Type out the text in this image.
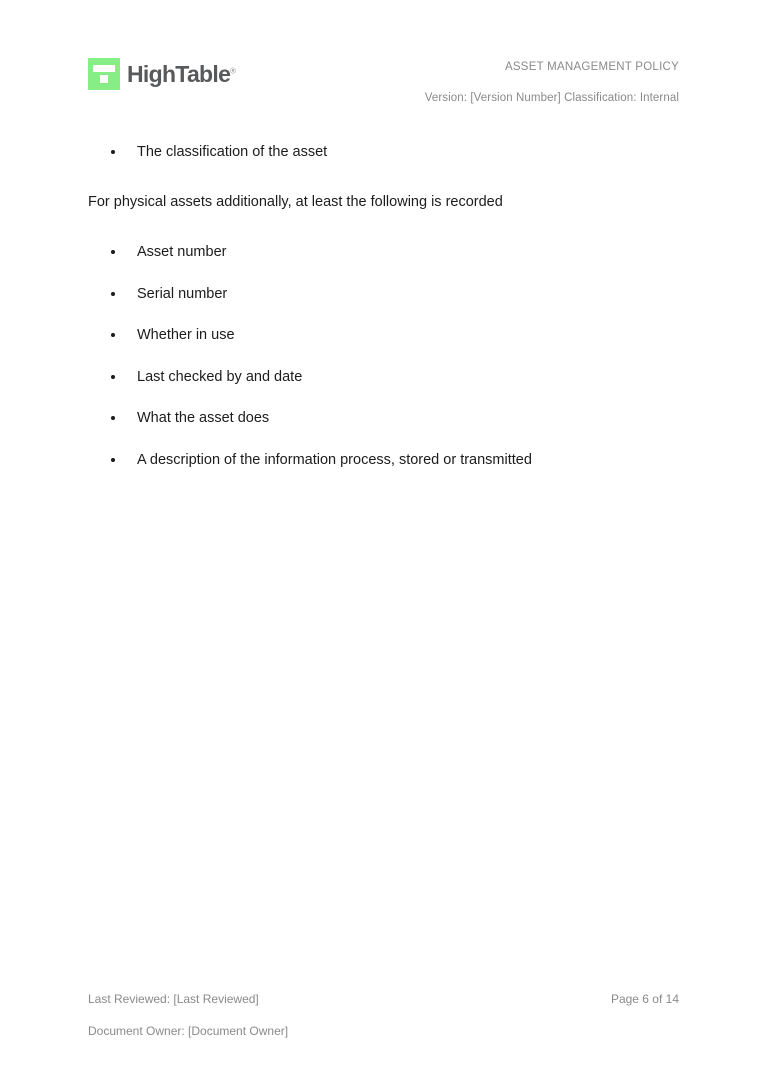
HighTable®	ASSET MANAGEMENT POLICY
Version: [Version Number] Classification: Internal
The classification of the asset

For physical assets additionally, at least the following is recorded

Asset number
Serial number
Whether in use
Last checked by and date
What the asset does
A description of the information process, stored or transmitted
Last Reviewed: [Last Reviewed]	Page 6 of 14
Document Owner: [Document Owner]
